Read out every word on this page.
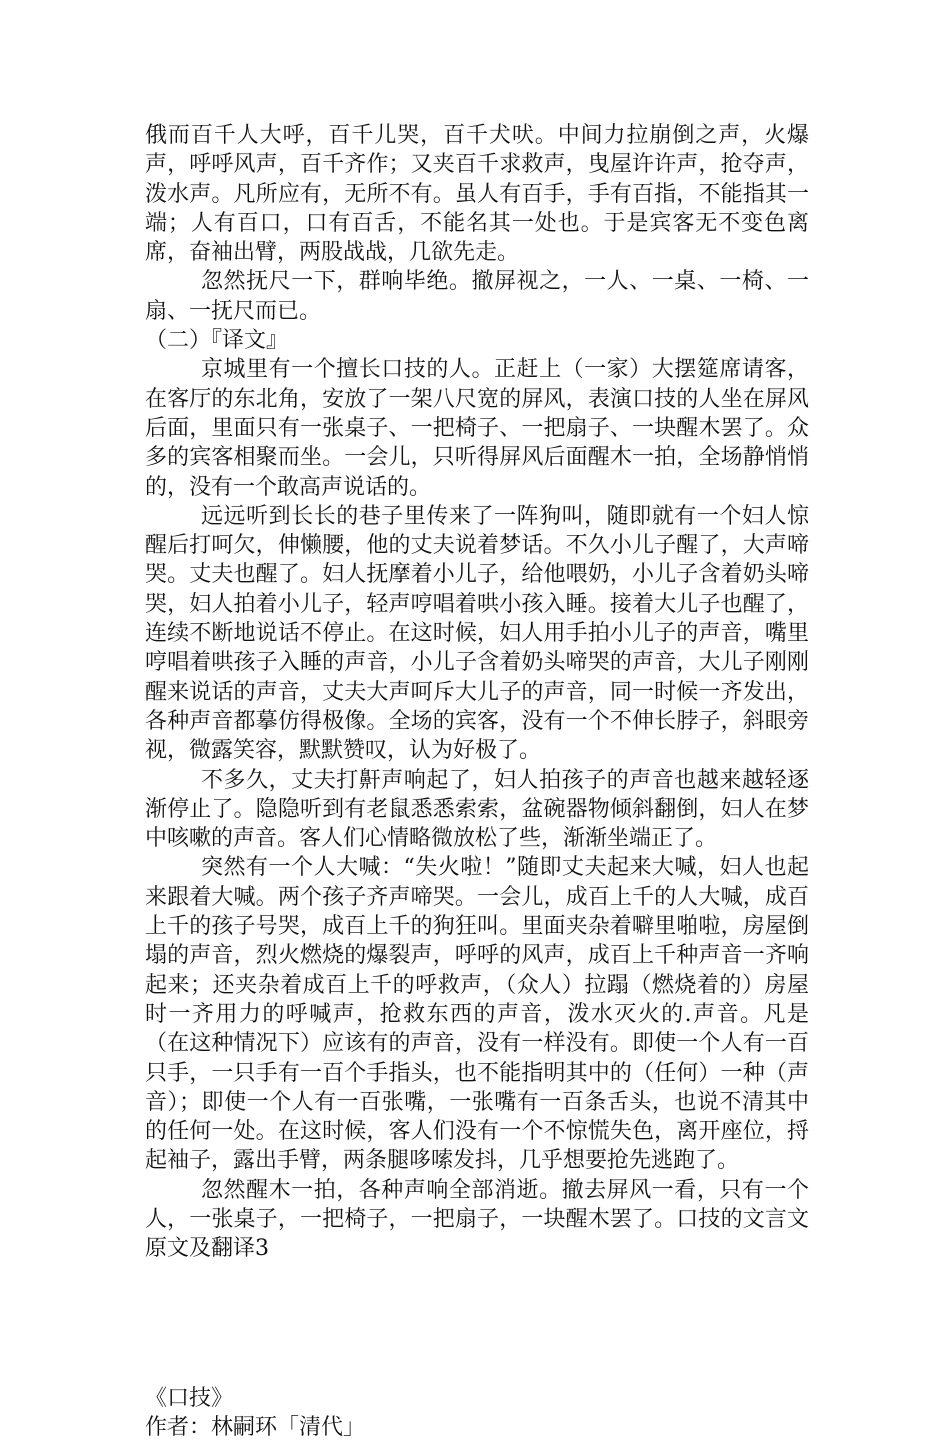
俄而百千人大呼，百千儿哭，百千犬吠。中间力拉崩倒之声，火爆声，呼呼风声，百千齐作；又夹百千求救声，曳屋许许声，抢夺声，泼水声。凡所应有，无所不有。虽人有百手，手有百指，不能指其一端；人有百口，口有百舌，不能名其一处也。于是宾客无不变色离席，奋袖出臂，两股战战，几欲先走。

忽然抚尺一下，群响毕绝。撤屏视之，一人、一桌、一椅、一扇、一抚尺而已。

（二）『译文』

京城里有一个擅长口技的人。正赶上（一家）大摆筵席请客，在客厅的东北角，安放了一架八尺宽的屏风，表演口技的人坐在屏风后面，里面只有一张桌子、一把椅子、一把扇子、一块醒木罢了。众多的宾客相聚而坐。一会儿，只听得屏风后面醒木一拍，全场静悄悄的，没有一个敢高声说话的。

远远听到长长的巷子里传来了一阵狗叫，随即就有一个妇人惊醒后打呵欠，伸懒腰，他的丈夫说着梦话。不久小儿子醒了，大声啼哭。丈夫也醒了。妇人抚摩着小儿子，给他喂奶，小儿子含着奶头啼哭，妇人拍着小儿子，轻声哼唱着哄小孩入睡。接着大儿子也醒了，连续不断地说话不停止。在这时候，妇人用手拍小儿子的声音，嘴里哼唱着哄孩子入睡的声音，小儿子含着奶头啼哭的声音，大儿子刚刚醒来说话的声音，丈夫大声呵斥大儿子的声音，同一时候一齐发出，各种声音都摹仿得极像。全场的宾客，没有一个不伸长脖子，斜眼旁视，微露笑容，默默赞叹，认为好极了。

不多久，丈夫打鼾声响起了，妇人拍孩子的声音也越来越轻逐渐停止了。隐隐听到有老鼠悉悉索索，盆碗器物倾斜翻倒，妇人在梦中咳嗽的声音。客人们心情略微放松了些，渐渐坐端正了。

突然有一个人大喊：“失火啦！”随即丈夫起来大喊，妇人也起来跟着大喊。两个孩子齐声啼哭。一会儿，成百上千的人大喊，成百上千的孩子号哭，成百上千的狗狂叫。里面夹杂着噼里啪啦，房屋倒塌的声音，烈火燃烧的爆裂声，呼呼的风声，成百上千种声音一齐响起来；还夹杂着成百上千的呼救声，（众人）拉蹋（燃烧着的）房屋时一齐用力的呼喊声，抢救东西的声音，泼水灭火的.声音。凡是（在这种情况下）应该有的声音，没有一样没有。即使一个人有一百只手，一只手有一百个手指头，也不能指明其中的（任何）一种（声音）；即使一个人有一百张嘴，一张嘴有一百条舌头，也说不清其中的任何一处。在这时候，客人们没有一个不惊慌失色，离开座位，捋起袖子，露出手臂，两条腿哆嗦发抖，几乎想要抢先逃跑了。

忽然醒木一拍，各种声响全部消逝。撤去屏风一看，只有一个人，一张桌子，一把椅子，一把扇子，一块醒木罢了。口技的文言文原文及翻译3

《口技》

作者：林嗣环「清代」
